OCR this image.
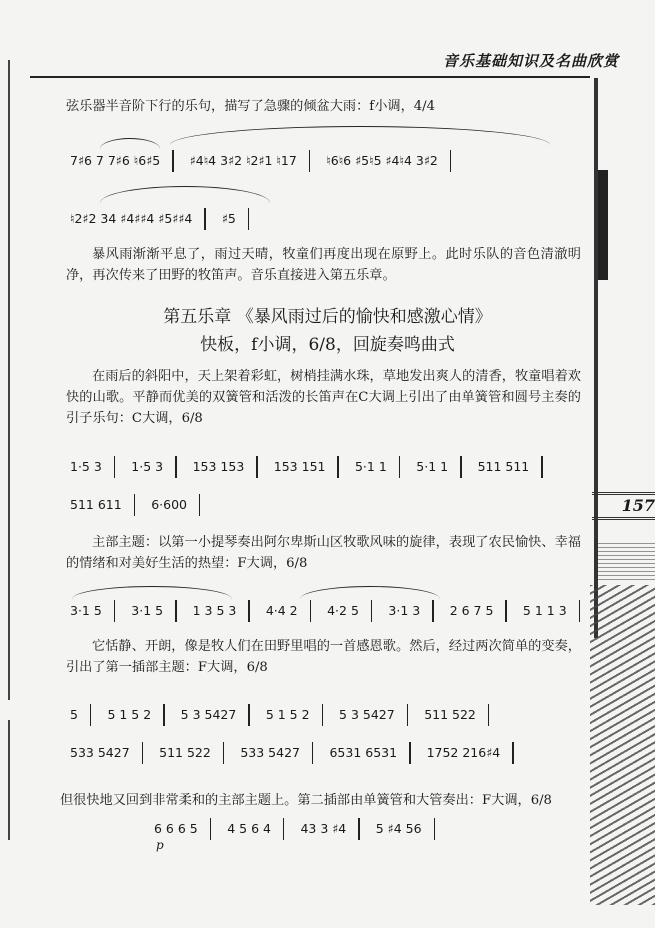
音乐基础知识及名曲欣赏
157
弦乐器半音阶下行的乐句，描写了急骤的倾盆大雨：f小调，4/4
7♯6 7 7♯6 ♮6♯5 ♯4♮4 3♯2 ♮2♯1 ♮17 ♮6♮6 ♯5♮5 ♯4♮4 3♯2
♮2♯2 34 ♯4♯♯4 ♯5♯♯4 ♯5
暴风雨渐渐平息了，雨过天晴，牧童们再度出现在原野上。此时乐队的音色清澈明净，再次传来了田野的牧笛声。音乐直接进入第五乐章。
第五乐章 《暴风雨过后的愉快和感激心情》
快板，f小调，6/8，回旋奏鸣曲式
在雨后的斜阳中，天上架着彩虹，树梢挂满水珠，草地发出爽人的清香，牧童唱着欢快的山歌。平静而优美的双簧管和活泼的长笛声在C大调上引出了由单簧管和圆号主奏的引子乐句：C大调，6/8
1·5 3 1·5 3 153 153 153 151 5·1 1 5·1 1 511 511
511 611 6·600
主部主题：以第一小提琴奏出阿尔卑斯山区牧歌风味的旋律，表现了农民愉快、幸福的情绪和对美好生活的热望：F大调，6/8
3·1 5 3·1 5 1 3 5 3 4·4 2 4·2 5 3·1 3 2 6 7 5 5 1 1 3
它恬静、开朗，像是牧人们在田野里唱的一首感恩歌。然后，经过两次简单的变奏，引出了第一插部主题：F大调，6/8
5 5 1 5 2 5 3 5427 5 1 5 2 5 3 5427 511 522
533 5427 511 522 533 5427 6531 6531 1752 216♯4
但很快地又回到非常柔和的主部主题上。第二插部由单簧管和大管奏出：F大调，6/8
6 6 6 5 4 5 6 4 43 3 ♯4 5 ♯4 56
p
